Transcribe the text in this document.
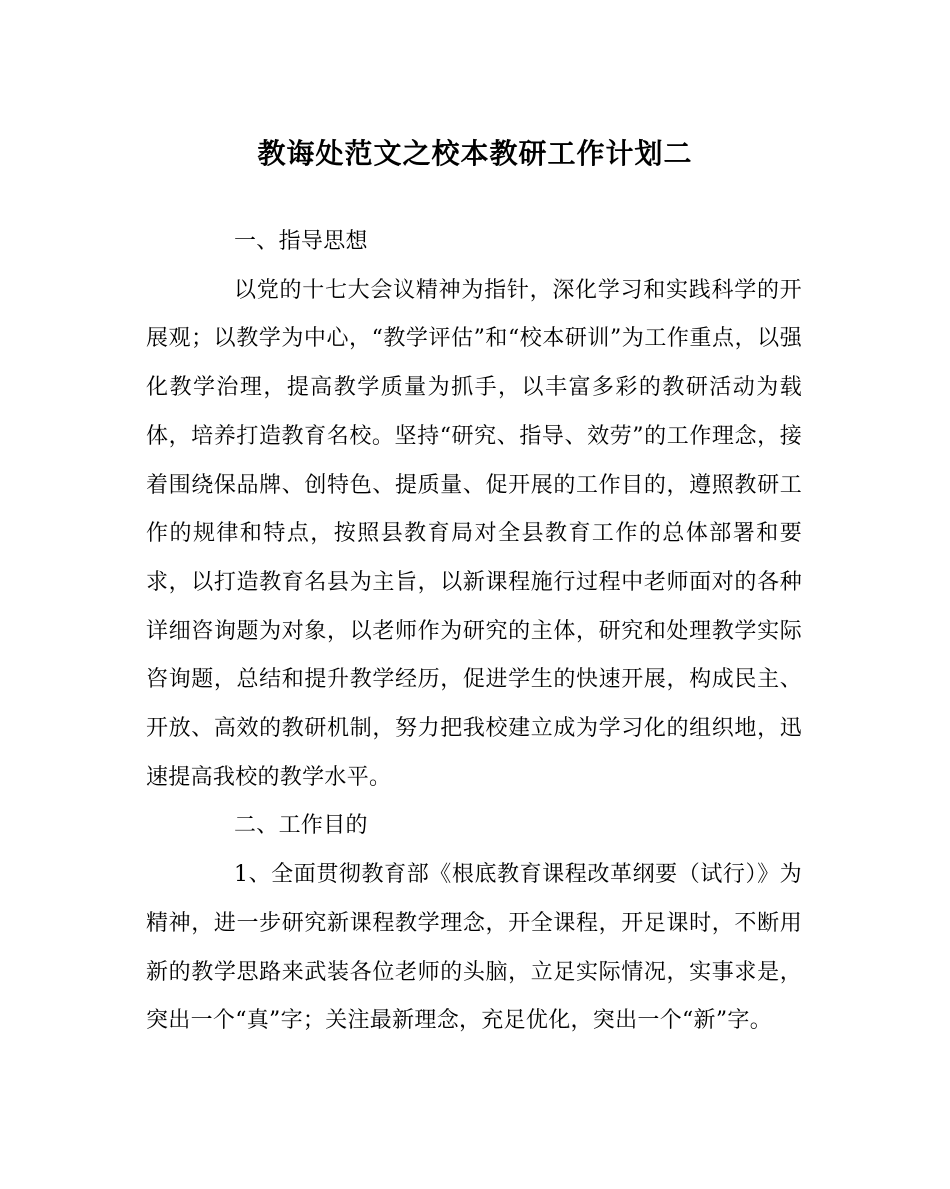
教诲处范文之校本教研工作计划二

一、指导思想

以党的十七大会议精神为指针，深化学习和实践科学的开展观；以教学为中心，“教学评估”和“校本研训”为工作重点，以强化教学治理，提高教学质量为抓手，以丰富多彩的教研活动为载体，培养打造教育名校。坚持“研究、指导、效劳”的工作理念，接着围绕保品牌、创特色、提质量、促开展的工作目的，遵照教研工作的规律和特点，按照县教育局对全县教育工作的总体部署和要求，以打造教育名县为主旨，以新课程施行过程中老师面对的各种详细咨询题为对象，以老师作为研究的主体，研究和处理教学实际咨询题，总结和提升教学经历，促进学生的快速开展，构成民主、开放、高效的教研机制，努力把我校建立成为学习化的组织地，迅速提高我校的教学水平。

二、工作目的

1、全面贯彻教育部《根底教育课程改革纲要（试行）》为精神，进一步研究新课程教学理念，开全课程，开足课时，不断用新的教学思路来武装各位老师的头脑，立足实际情况，实事求是，突出一个“真”字；关注最新理念，充足优化，突出一个“新”字。
